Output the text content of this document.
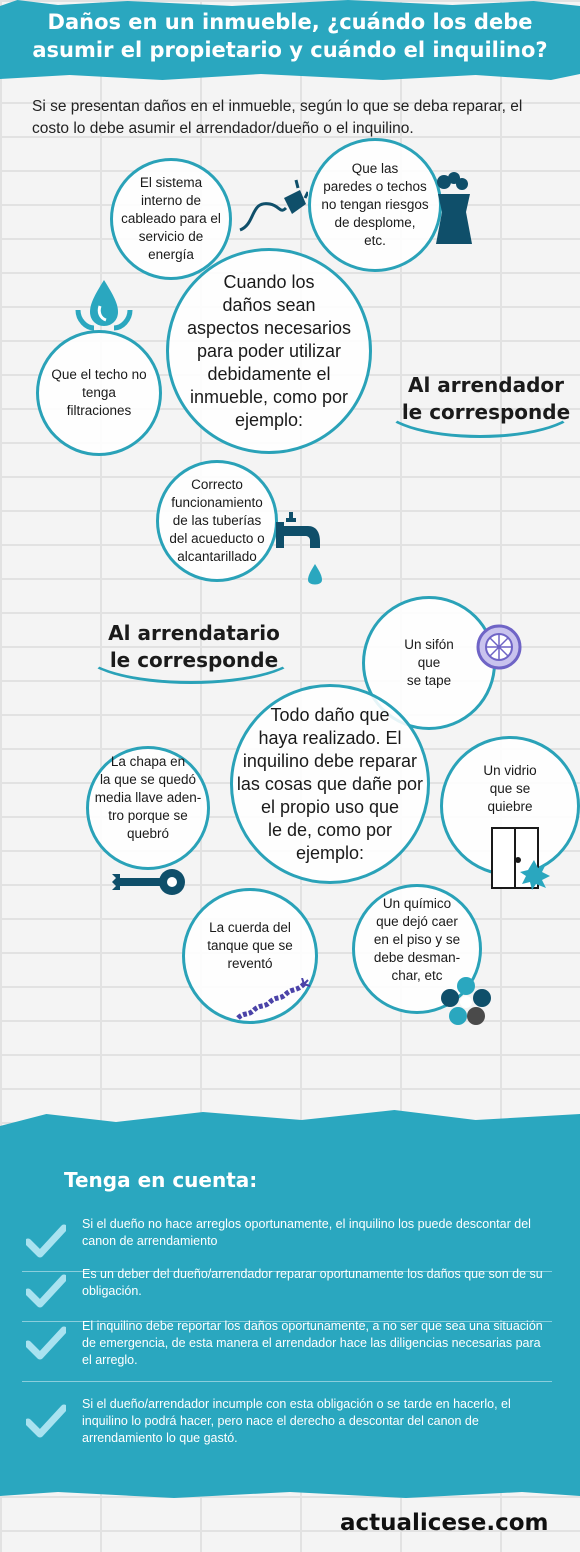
Daños en un inmueble, ¿cuándo los debe
asumir el propietario y cuándo el inquilino?

Si se presentan daños en el inmueble, según lo que se deba reparar, el costo lo debe asumir el arrendador/dueño o el inquilino.

El sistema
interno de
cableado para el
servicio de
energía
Que las
paredes o techos
no tengan riesgos
de desplome,
etc.
Que el techo no
tenga
filtraciones
Cuando los
daños sean
aspectos necesarios
para poder utilizar
debidamente el
inmueble, como por
ejemplo:
Al arrendador
le corresponde
Correcto
funcionamiento
de las tuberías
del acueducto o
alcantarillado
Al arrendatario
le corresponde
Un sifón
que
se tape
Todo daño que
haya realizado. El
inquilino debe reparar
las cosas que dañe por
el propio uso que
le de, como por
ejemplo:
Un vidrio
que se
quiebre
La chapa en
la que se quedó
media llave aden-
tro porque se
quebró
La cuerda del
tanque que se
reventó
Un químico
que dejó caer
en el piso y se
debe desman-
char, etc
Tenga en cuenta:
Si el dueño no hace arreglos oportunamente, el inquilino los puede descontar del canon de arrendamiento
Es un deber del dueño/arrendador reparar oportunamente los daños que son de su obligación.
El inquilino debe reportar los daños oportunamente, a no ser que sea una situación de emergencia, de esta manera el arrendador hace las diligencias necesarias para el arreglo.
Si el dueño/arrendador incumple con esta obligación o se tarde en hacerlo, el inquilino lo podrá hacer, pero nace el derecho a descontar del canon de arrendamiento lo que gastó.
actualicese.com
